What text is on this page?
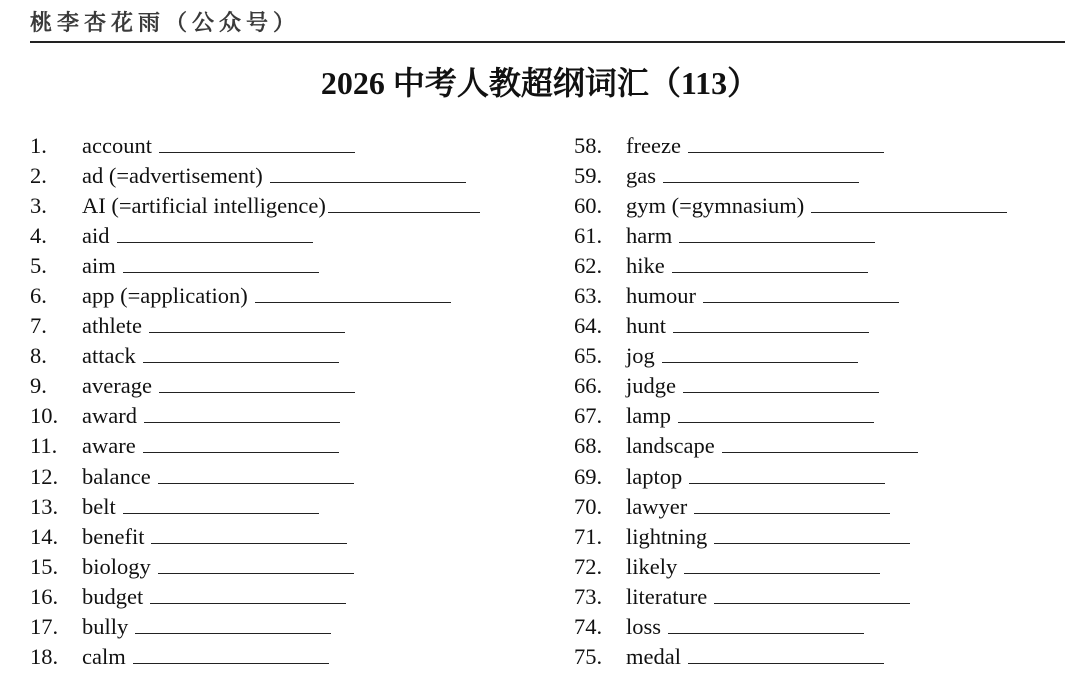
桃李杏花雨（公众号）
2026 中考人教超纲词汇（113）
1.	account
2.	ad (=advertisement)
3.	AI (=artificial intelligence)
4.	aid
5.	aim
6.	app (=application)
7.	athlete
8.	attack
9.	average
10.	award
11.	aware
12.	balance
13.	belt
14.	benefit
15.	biology
16.	budget
17.	bully
18.	calm
58.	freeze
59.	gas
60.	gym (=gymnasium)
61.	harm
62.	hike
63.	humour
64.	hunt
65.	jog
66.	judge
67.	lamp
68.	landscape
69.	laptop
70.	lawyer
71.	lightning
72.	likely
73.	literature
74.	loss
75.	medal
